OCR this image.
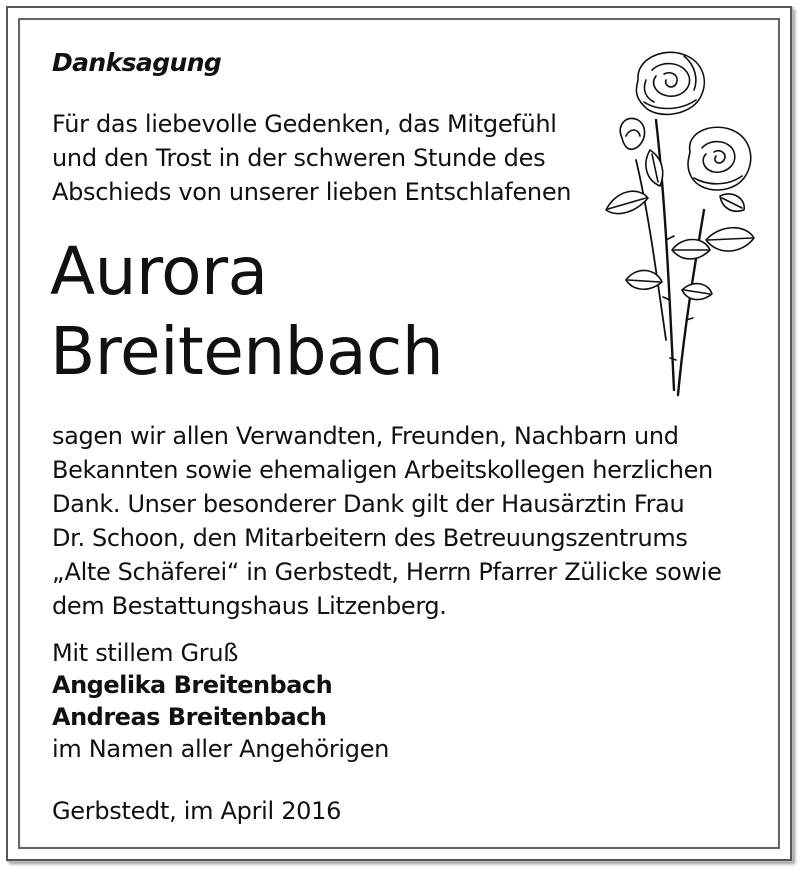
Danksagung
Für das liebevolle Gedenken, das Mitgefühl
und den Trost in der schweren Stunde des
Abschieds von unserer lieben Entschlafenen
Aurora
Breitenbach
sagen wir allen Verwandten, Freunden, Nachbarn und
Bekannten sowie ehemaligen Arbeitskollegen herzlichen
Dank. Unser besonderer Dank gilt der Hausärztin Frau
Dr. Schoon, den Mitarbeitern des Betreuungszentrums
„Alte Schäferei“ in Gerbstedt, Herrn Pfarrer Zülicke sowie
dem Bestattungshaus Litzenberg.
Mit stillem Gruß
Angelika Breitenbach
Andreas Breitenbach
im Namen aller Angehörigen
Gerbstedt, im April 2016
